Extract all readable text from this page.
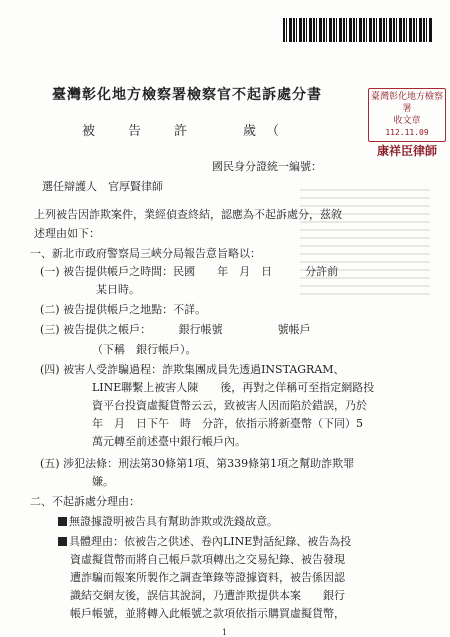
臺灣彰化地方檢察署
收文章
112.11.09
康祥臣律師
臺灣彰化地方檢察署檢察官不起訴處分書
被　告　許　　歲（
國民身分證統一編號：
選任辯護人　官厚賢律師
上列被告因詐欺案件，業經偵查終結，認應為不起訴處分，茲敘
述理由如下：
一、新北市政府警察局三峽分局報告意旨略以：
(一) 被告提供帳戶之時間：民國　　年　月　日　　　分許前
某日時。
(二) 被告提供帳戶之地點：不詳。
(三) 被告提供之帳戶：　　　銀行帳號　　　　　號帳戶
（下稱　銀行帳戶）。
(四) 被害人受詐騙過程：詐欺集團成員先透過INSTAGRAM、
LINE聯繫上被害人陳　　後，再對之佯稱可至指定網路投
資平台投資虛擬貨幣云云，致被害人因而陷於錯誤，乃於
年　月　日下午　時　分許，依指示將新臺幣（下同）5
萬元轉至前述臺中銀行帳戶內。
(五) 涉犯法條：刑法第30條第1項、第339條第1項之幫助詐欺罪
嫌。
二、不起訴處分理由：
無證據證明被告具有幫助詐欺或洗錢故意。
具體理由：依被告之供述、卷內LINE對話紀錄、被告為投
資虛擬貨幣而將自己帳戶款項轉出之交易紀錄、被告發現
遭詐騙而報案所製作之調查筆錄等證據資料，被告係因認
識結交網友後，誤信其說詞，乃遭詐欺提供本案　　銀行
帳戶帳號，並將轉入此帳號之款項依指示購買虛擬貨幣，
1
